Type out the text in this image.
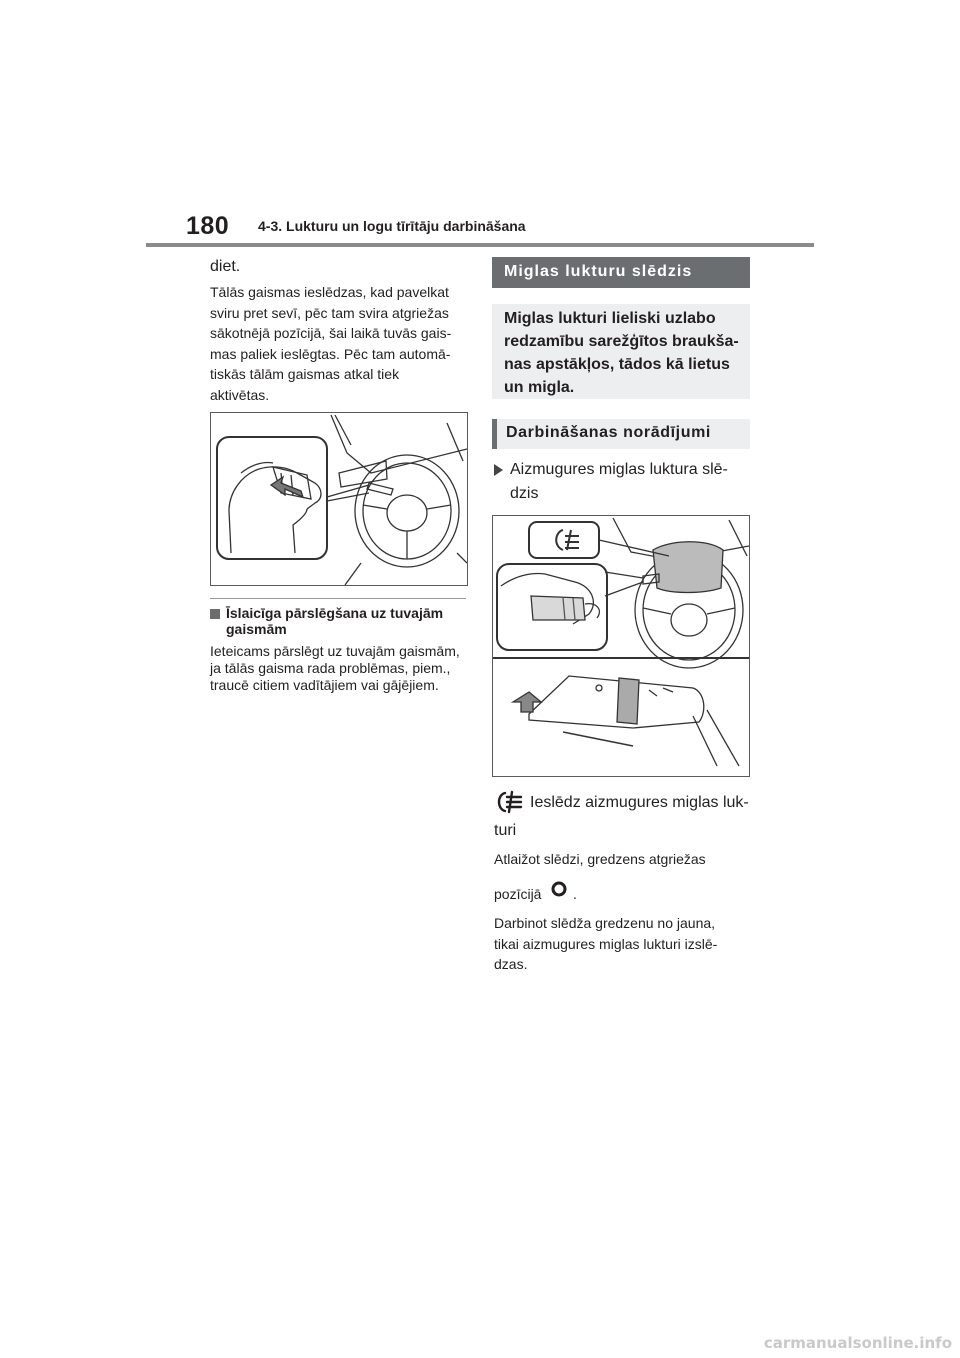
180 4-3. Lukturu un logu tīrītāju darbināšana
diet.
Tālās gaismas ieslēdzas, kad pavelkat
sviru pret sevī, pēc tam svira atgriežas
sākotnējā pozīcijā, šai laikā tuvās gais-
mas paliek ieslēgtas. Pēc tam automā-
tiskās tālām gaismas atkal tiek
aktivētas.
Īslaicīga pārslēgšana uz tuvajām
gaismām
Ieteicams pārslēgt uz tuvajām gaismām,
ja tālās gaisma rada problēmas, piem.,
traucē citiem vadītājiem vai gājējiem.
Miglas lukturu slēdzis
Miglas lukturi lieliski uzlabo
redzamību sarežģītos braukša-
nas apstākļos, tādos kā lietus
un migla.
Darbināšanas norādījumi
Aizmugures miglas luktura slē-
dzis
Ieslēdz aizmugures miglas luk-
turi
Atlaižot slēdzi, gredzens atgriežas
pozīcijā .
Darbinot slēdža gredzenu no jauna,
tikai aizmugures miglas lukturi izslē-
dzas.
carmanualsonline.info
